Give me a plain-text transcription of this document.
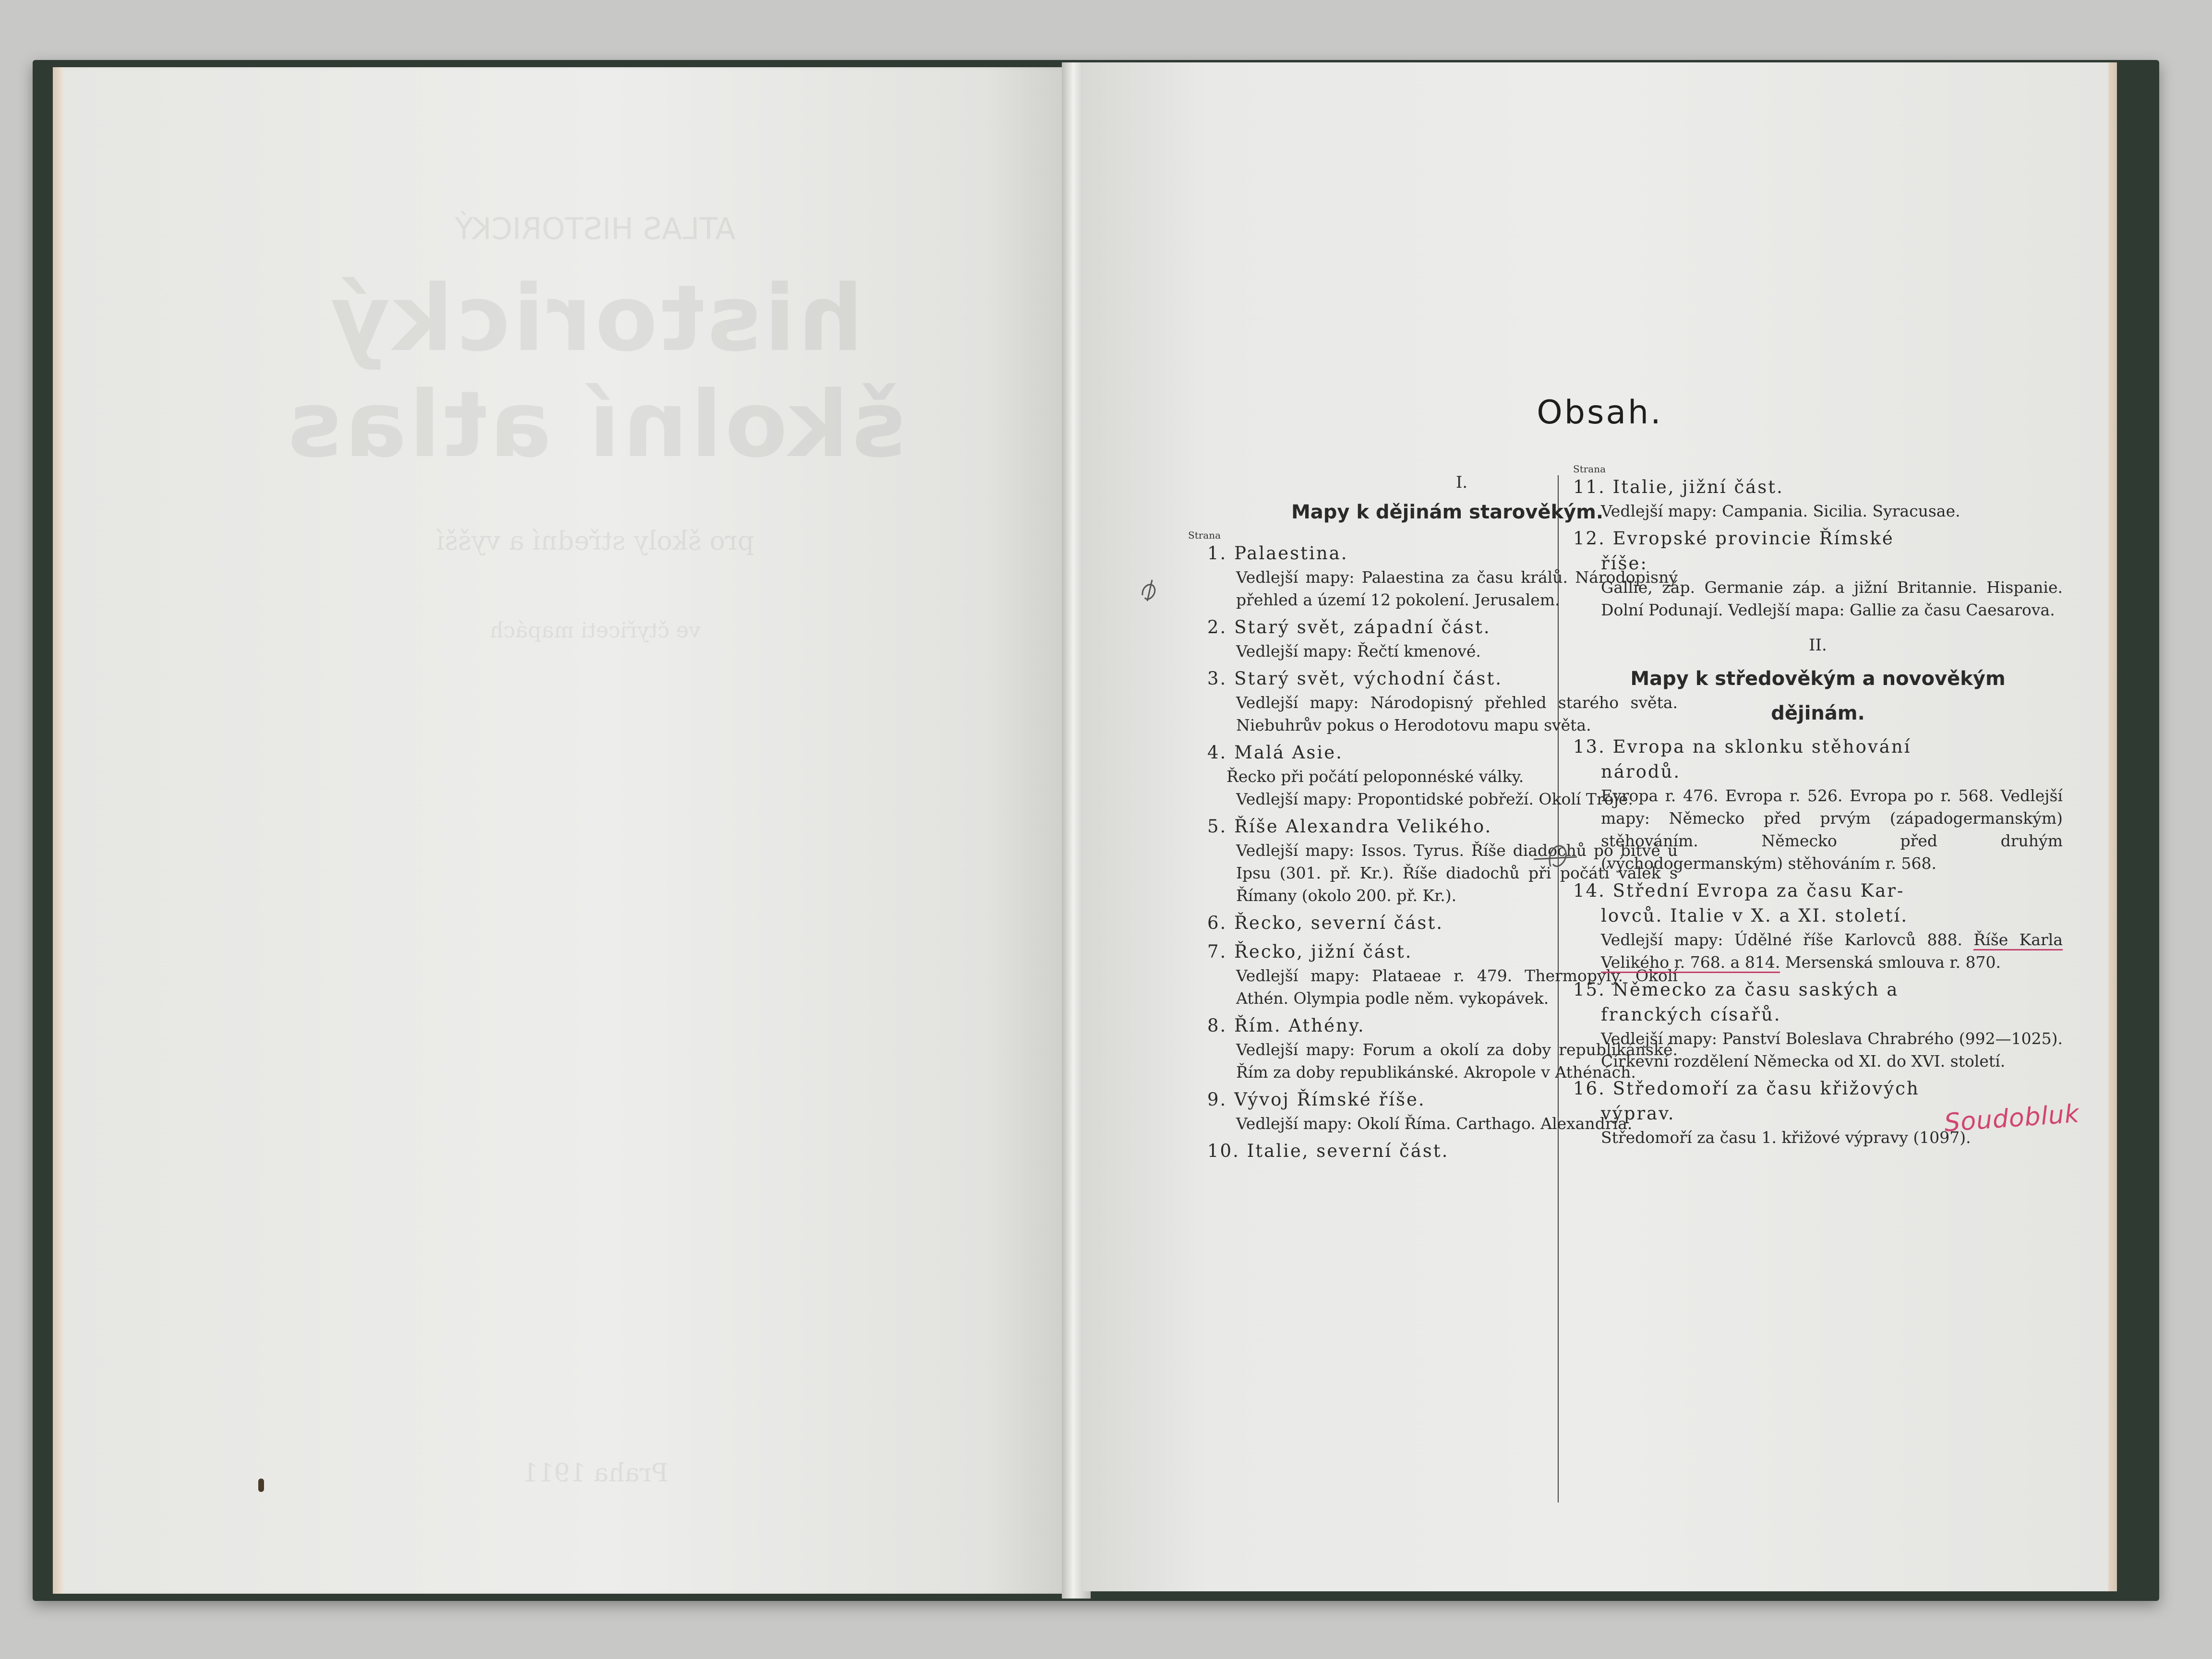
ATLAS HISTORICKÝ
historický školní atlas
pro školy střední a vyšší
ve čtyřiceti mapách
Praha 1911
Obsah.

I.

Mapy k dějinám starověkým.

Strana

1. Palaestina.
Vedlejší mapy: Palaestina za času králů. Národopisný přehled a území 12 pokolení. Jerusalem.
2. Starý svět, západní část.
Vedlejší mapy: Řečtí kmenové.
3. Starý svět, východní část.
Vedlejší mapy: Národopisný přehled starého světa. Niebuhrův pokus o Herodotovu mapu světa.
4. Malá Asie.
Řecko při počátí peloponnéské války.
Vedlejší mapy: Propontidské pobřeží. Okolí Troje.
5. Říše Alexandra Velikého.
Vedlejší mapy: Issos. Tyrus. Říše diadochů po bitvě u Ipsu (301. př. Kr.). Říše diadochů při počátí válek s Římany (okolo 200. př. Kr.).
6. Řecko, severní část.
7. Řecko, jižní část.
Vedlejší mapy: Plataeae r. 479. Thermopyly. Okolí Athén. Olympia podle něm. vykopávek.
8. Řím. Athény.
Vedlejší mapy: Forum a okolí za doby republikánské. Řím za doby republikánské. Akropole v Athénách.
9. Vývoj Římské říše.
Vedlejší mapy: Okolí Říma. Carthago. Alexandria.
10. Italie, severní část.

Strana

11. Italie, jižní část.
Vedlejší mapy: Campania. Sicilia. Syracusae.
12. Evropské provincie Římské
říše:
Gallie, záp. Germanie záp. a jižní Britannie. Hispanie. Dolní Podunají. Vedlejší mapa: Gallie za času Caesarova.

II.

Mapy k středověkým a novověkým
dějinám.
13. Evropa na sklonku stěhování
národů.
Evropa r. 476. Evropa r. 526. Evropa po r. 568. Vedlejší mapy: Německo před prvým (západogermanským) stěhováním. Německo před druhým (východogermanským) stěhováním r. 568.
14. Střední Evropa za času Kar-
lovců. Italie v X. a XI. století.
Vedlejší mapy: Údělné říše Karlovců 888. Říše Karla Velikého r. 768. a 814. Mersenská smlouva r. 870.
15. Německo za času saských a
franckých císařů.
Vedlejší mapy: Panství Boleslava Chrabrého (992—1025). Církevní rozdělení Německa od XI. do XVI. století.
16. Středomoří za času křižových
výprav.
Středomoří za času 1. křižové výpravy (1097).
Soudobluk
